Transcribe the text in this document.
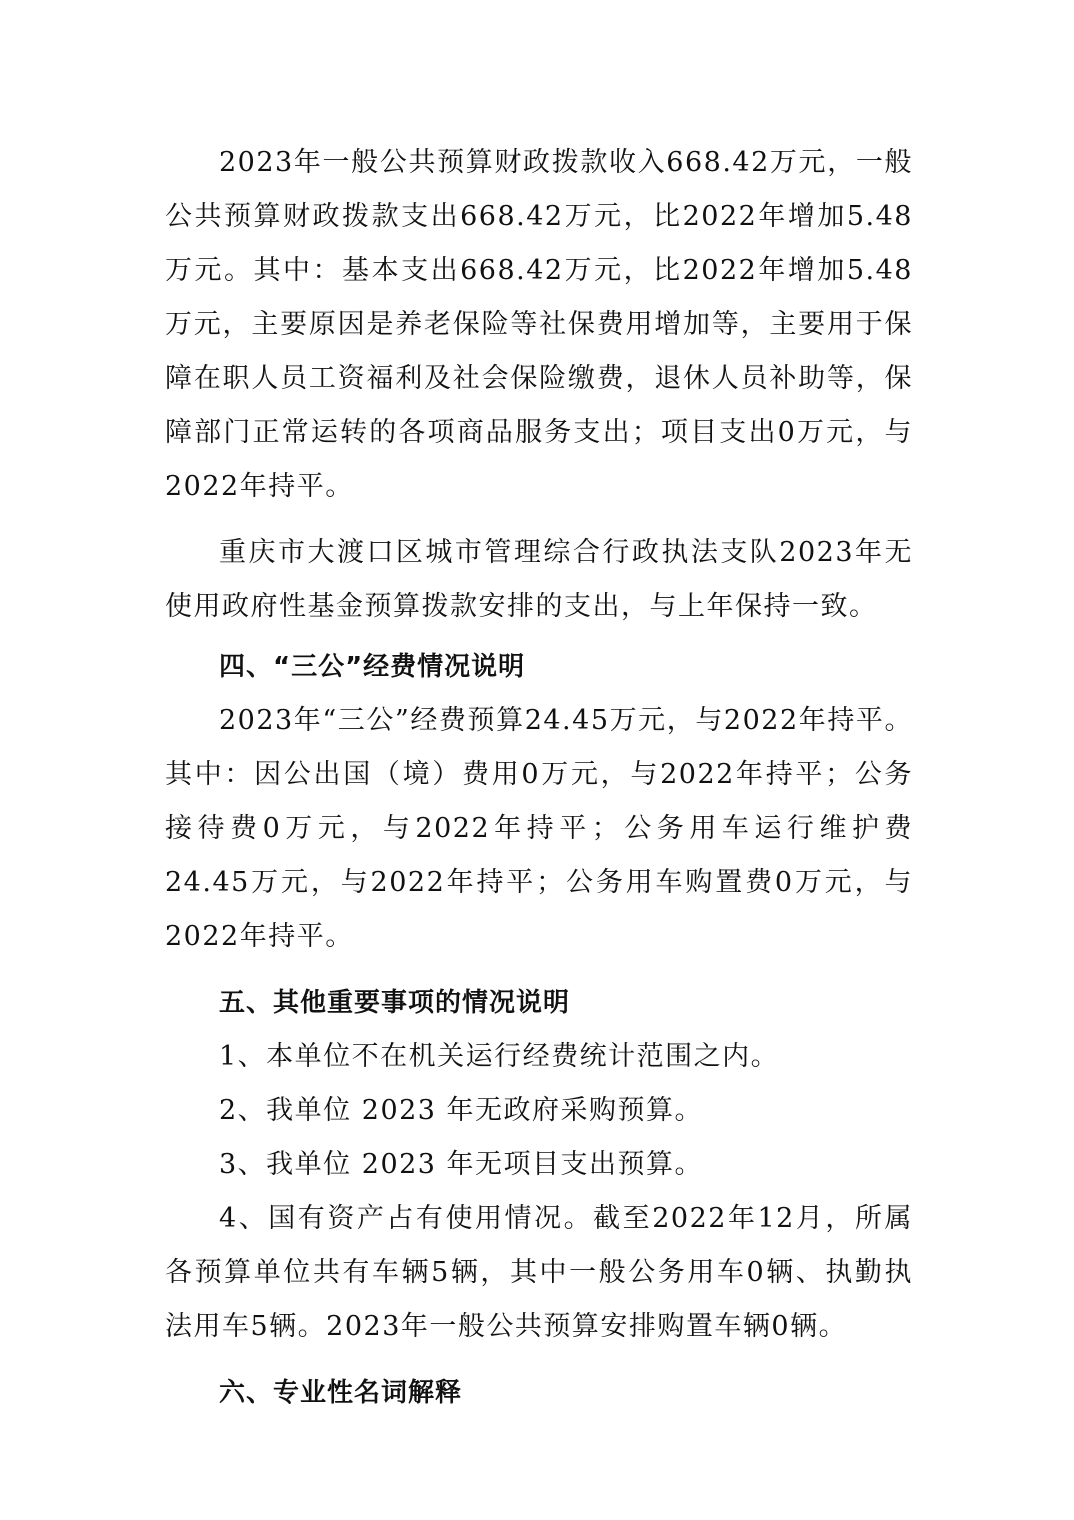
2023年一般公共预算财政拨款收入668.42万元，一般公共预算财政拨款支出668.42万元，比2022年增加5.48万元。其中：基本支出668.42万元，比2022年增加5.48万元，主要原因是养老保险等社保费用增加等，主要用于保障在职人员工资福利及社会保险缴费，退休人员补助等，保障部门正常运转的各项商品服务支出；项目支出0万元，与2022年持平。

重庆市大渡口区城市管理综合行政执法支队2023年无使用政府性基金预算拨款安排的支出，与上年保持一致。

四、“三公”经费情况说明

2023年“三公”经费预算24.45万元，与2022年持平。其中：因公出国（境）费用0万元，与2022年持平；公务接待费0万元，与2022年持平；公务用车运行维护费24.45万元，与2022年持平；公务用车购置费0万元，与2022年持平。

五、其他重要事项的情况说明

1、本单位不在机关运行经费统计范围之内。

2、我单位 2023 年无政府采购预算。

3、我单位 2023 年无项目支出预算。

4、国有资产占有使用情况。截至2022年12月，所属各预算单位共有车辆5辆，其中一般公务用车0辆、执勤执法用车5辆。2023年一般公共预算安排购置车辆0辆。

六、专业性名词解释
